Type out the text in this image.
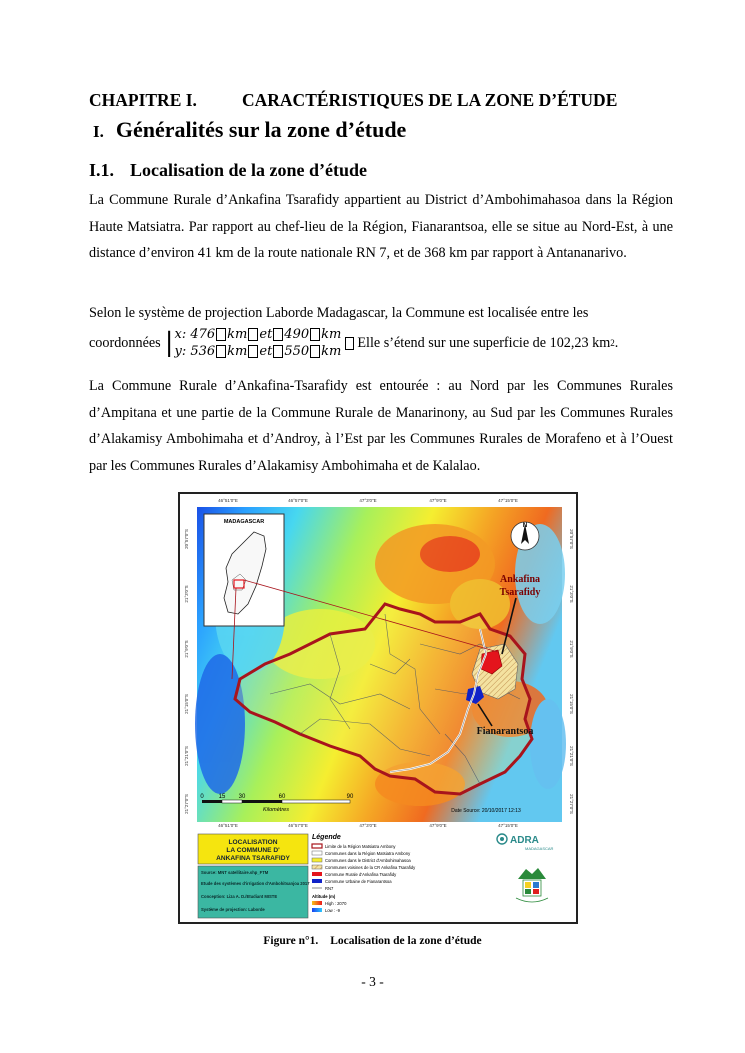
CHAPITRE I.	CARACTÉRISTIQUES DE LA ZONE D’ÉTUDE
I. Généralités sur la zone d’étude
I.1. Localisation de la zone d’étude
La Commune Rurale d’Ankafina Tsarafidy appartient au District d’Ambohimahasoa dans la Région Haute Matsiatra. Par rapport au chef-lieu de la Région, Fianarantsoa, elle se situe au Nord-Est, à une distance d’environ 41 km de la route nationale RN 7, et de 368 km par rapport à Antananarivo.
Selon le système de projection Laborde Madagascar, la Commune est localisée entre les
coordonnées | x: 476 km et 490 km
y: 536 km et 550 km
Elle s’étend sur une superficie de 102,23 km 2 .
La Commune Rurale d’Ankafina-Tsarafidy est entourée : au Nord par les Communes Rurales d’Ampitana et une partie de la Commune Rurale de Manarinony, au Sud par les Communes Rurales d’Alakamisy Ambohimaha et d’Androy, à l’Est par les Communes Rurales de Morafeno et à l’Ouest par les Communes Rurales d’Alakamisy Ambohimaha et de Kalalao.
MADAGASCAR
N
Ankafina
Tsarafidy
Fianarantsoa
0 15 30	60	90
Kilomètres	Date Source: 20/10/2017 12:13
46°51'0"E	46°57'0"E	47°3'0"E	47°9'0"E	47°15'0"E
46°51'0"E	46°57'0"E	47°3'0"E	47°9'0"E	47°15'0"E
20°57'0"S
21°3'0"S
21°9'0"S
21°15'0"S
21°21'0"S
21°27'0"S
20°57'0"S
21°3'0"S
21°9'0"S
21°15'0"S
21°21'0"S
21°27'0"S
LOCALISATION
LA COMMUNE D'
ANKAFINA TSARAFIDY
Source: MNT satellitaire.shp_FTM
Etude des systèmes d'irrigation d'Ambohitsanjoa 2017
Conception: Liza A. D./Etudiant MISTE
Système de projection: Laborde
Légende
Limite de la Région Matsiatra Ambony
Communes dans la Région Matsiatra Ambony
Communes dans le District d'Ambohimahasoa
Communes voisines de la CR Ankafina Tsarafidy
Commune Rurale d'Ankafina Tsarafidy
Commune Urbaine de Fianarantsoa
RN7
Altitude (m)
High : 2070
Low : -9
ADRA
MADAGASCAR
Figure n°1. Localisation de la zone d’étude
- 3 -
